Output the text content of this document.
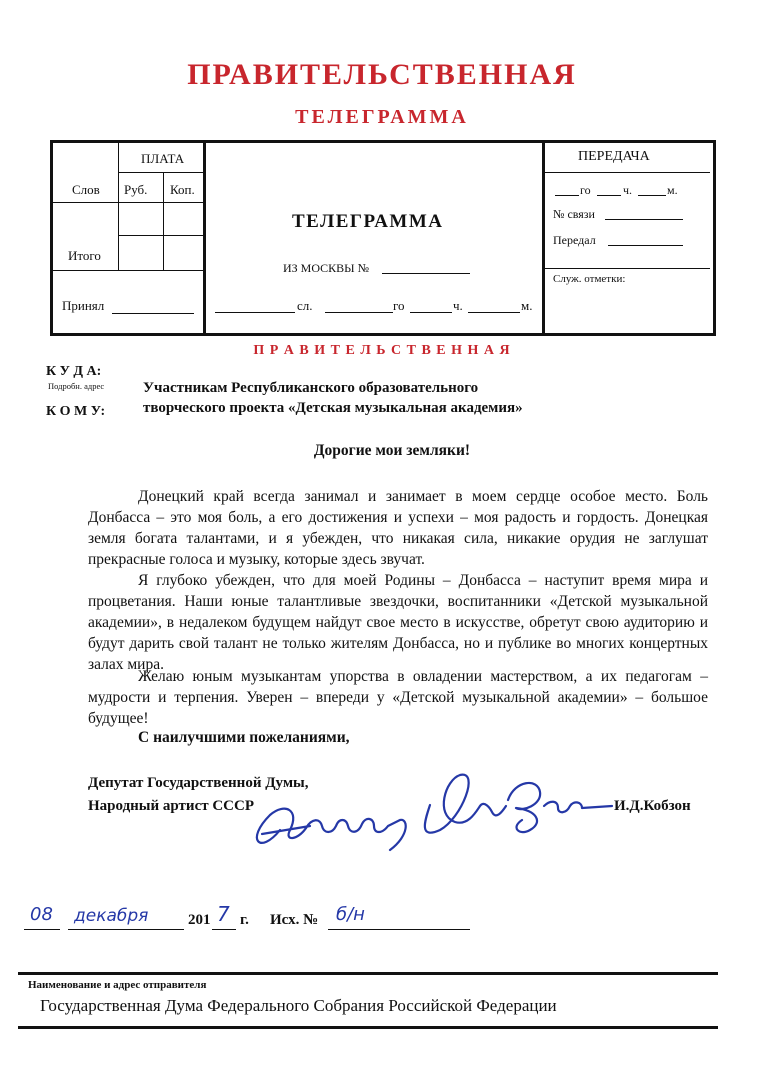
ПРАВИТЕЛЬСТВЕННАЯ
ТЕЛЕГРАММА
ПЛАТА
Слов Руб. Коп.
Итого
Принял
ТЕЛЕГРАММА
ИЗ МОСКВЫ №
сл.	го	ч.	м.
ПЕРЕДАЧА
го	ч.	м.
№ связи
Передал
Служ. отметки:
П Р А В И Т Е Л Ь С Т В Е Н Н А Я
К У Д А:
Подробн. адрес
К О М У:
Участникам Республиканского образовательного
творческого проекта «Детская музыкальная академия»
Дорогие мои земляки!
Донецкий край всегда занимал и занимает в моем сердце особое место. Боль Донбасса – это моя боль, а его достижения и успехи – моя радость и гордость. Донецкая земля богата талантами, и я убежден, что никакая сила, никакие орудия не заглушат прекрасные голоса и музыку, которые здесь звучат.
Я глубоко убежден, что для моей Родины – Донбасса – наступит время мира и процветания. Наши юные талантливые звездочки, воспитанники «Детской музыкальной академии», в недалеком будущем найдут свое место в искусстве, обретут свою аудиторию и будут дарить свой талант не только жителям Донбасса, но и публике во многих концертных залах мира.
Желаю юным музыкантам упорства в овладении мастерством, а их педагогам – мудрости и терпения. Уверен – впереди у «Детской музыкальной академии» – большое будущее!
С наилучшими пожеланиями,
Депутат Государственной Думы,
Народный артист СССР	И.Д.Кобзон
08 декабря	201 7 г. Исх. № б/н
Наименование и адрес отправителя
Государственная Дума Федерального Собрания Российской Федерации
